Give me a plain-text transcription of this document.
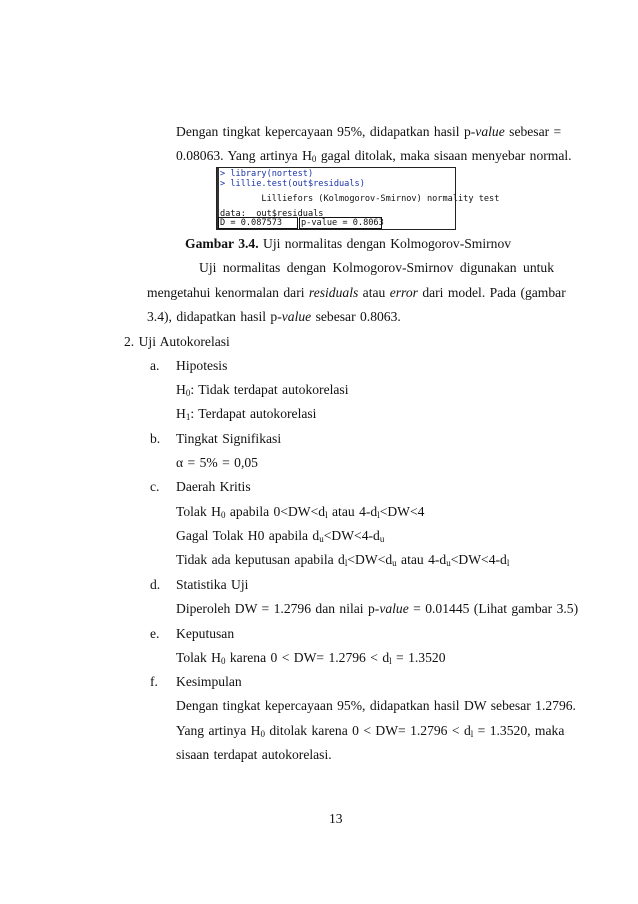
Dengan tingkat kepercayaan 95%, didapatkan hasil p-value sebesar =
0.08063. Yang artinya $H_0$ gagal ditolak, maka sisaan menyebar normal.
> library(nortest)
> lillie.test(out$residuals)
Lilliefors (Kolmogorov-Smirnov) normality test
data:  out$residuals
D = 0.087573 p-value = 0.8063
Gambar 3.4. Uji normalitas dengan Kolmogorov-Smirnov
Uji normalitas dengan Kolmogorov-Smirnov digunakan untuk
mengetahui kenormalan dari residuals atau error dari model. Pada (gambar
3.4), didapatkan hasil p-value sebesar 0.8063.
2. Uji Autokorelasi
a. Hipotesis
$H_0$: Tidak terdapat autokorelasi
$H_1$: Terdapat autokorelasi
b. Tingkat Signifikasi
α = 5% = 0,05
c. Daerah Kritis
Tolak $H_0$ apabila $0<DW<d_l$ atau $4-d_l<DW<4$
Gagal Tolak H0 apabila $d_u<DW<4-d_u$
Tidak ada keputusan apabila $d_l<DW<d_u$ atau $4-d_u<DW<4-d_l$
d. Statistika Uji
Diperoleh DW = 1.2796 dan nilai p-value = 0.01445 (Lihat gambar 3.5)
e. Keputusan
Tolak $H_0$ karena $0 < DW= 1.2796 < d_l = 1.3520$
f. Kesimpulan
Dengan tingkat kepercayaan 95%, didapatkan hasil DW sebesar 1.2796.
Yang artinya $H_0$ ditolak karena $0 < DW= 1.2796 < d_l = 1.3520$, maka
sisaan terdapat autokorelasi.
13
